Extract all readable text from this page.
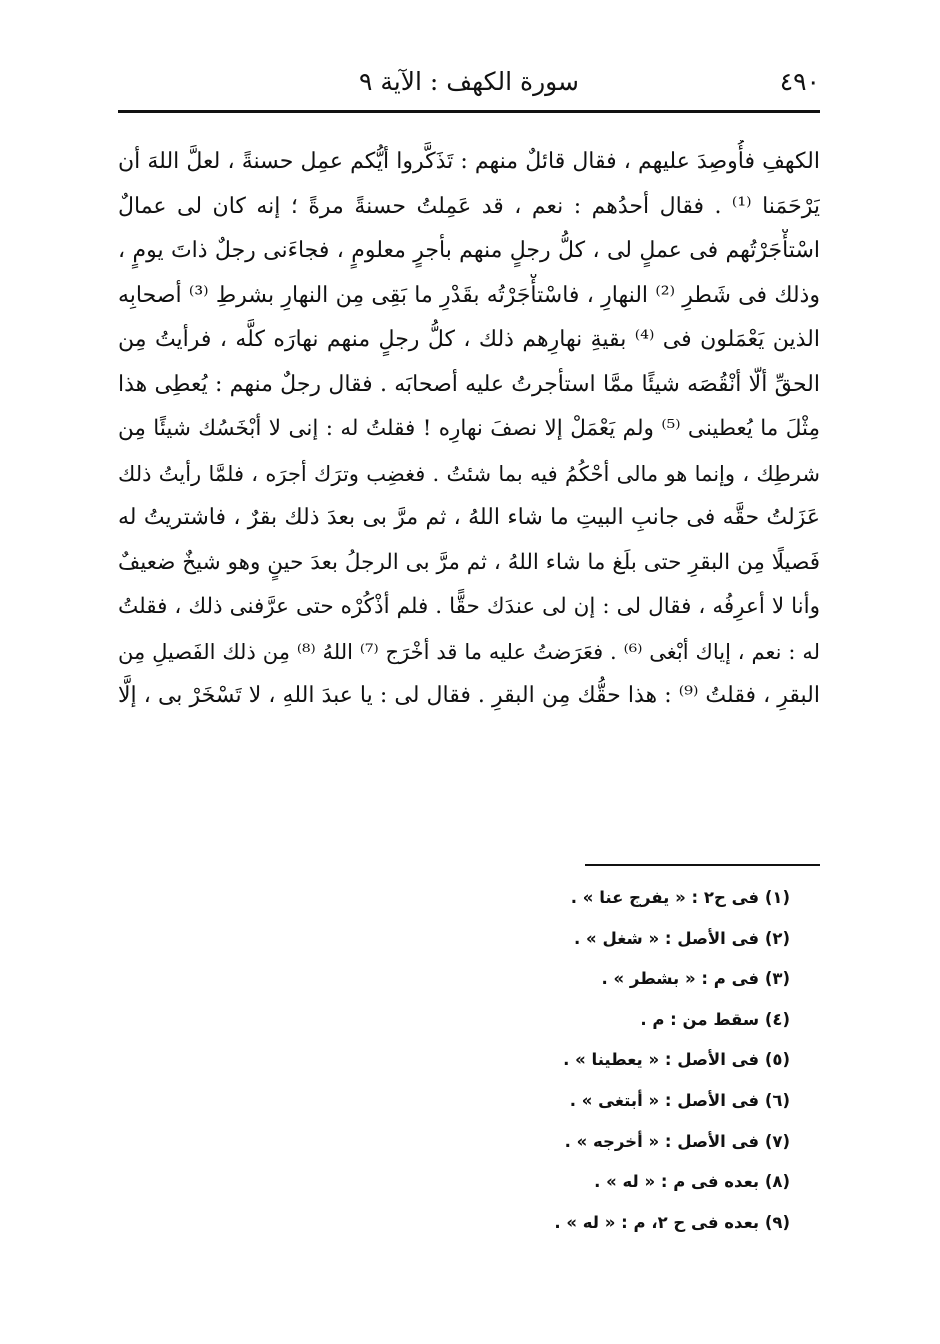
٤٩٠
سورة الكهف : الآية ٩
الكهفِ فأُوصِدَ عليهم ، فقال قائلٌ منهم : تَذَكَّروا أيُّكم عمِل حسنةً ، لعلَّ اللهَ أن
يَرْحَمَنا ⁽¹⁾ . فقال أحدُهم : نعم ، قد عَمِلتُ حسنةً مرةً ؛ إنه كان لى عمالٌ
اسْتأْجَرْتُهم فى عملٍ لى ، كلُّ رجلٍ منهم بأجرٍ معلومٍ ، فجاءَنى رجلٌ ذاتَ يومٍ ،
وذلك فى شَطرِ ⁽²⁾ النهارِ ، فاسْتأْجَرْتُه بقَدْرِ ما بَقِى مِن النهارِ بشرطِ ⁽³⁾ أصحابِه
الذين يَعْمَلون فى ⁽⁴⁾ بقيةِ نهارِهم ذلك ، كلُّ رجلٍ منهم نهارَه كلَّه ، فرأيتُ مِن
الحقِّ ألّا أنْقُصَه شيئًا ممَّا استأجرتُ عليه أصحابَه . فقال رجلٌ منهم : يُعطِى هذا
مِثْلَ ما يُعطينى ⁽⁵⁾ ولم يَعْمَلْ إلا نصفَ نهارِه ! فقلتُ له : إنى لا أبْخَسُك شيئًا مِن
شرطِك ، وإنما هو مالى أحْكُمُ فيه بما شئتُ . فغضِب وترَك أجرَه ، فلمَّا رأيتُ ذلك
عَزَلتُ حقَّه فى جانبِ البيتِ ما شاء اللهُ ، ثم مرَّ بى بعدَ ذلك بقرٌ ، فاشتريتُ له
فَصيلًا مِن البقرِ حتى بلَغ ما شاء اللهُ ، ثم مرَّ بى الرجلُ بعدَ حينٍ وهو شيخٌ ضعيفٌ
وأنا لا أعرِفُه ، فقال لى : إن لى عندَك حقًّا . فلم أذْكُرْه حتى عرَّفنى ذلك ، فقلتُ
له : نعم ، إياك أبْغى ⁽⁶⁾ . فعَرَضتُ عليه ما قد أخْرَج ⁽⁷⁾ اللهُ ⁽⁸⁾ مِن ذلك الفَصيلِ مِن
البقرِ ، فقلتُ ⁽⁹⁾ : هذا حقُّك مِن البقرِ . فقال لى : يا عبدَ اللهِ ، لا تَسْخَرْ بى ، إلَّا
(١) فى ح٢ : « يفرج عنا » .
(٢) فى الأصل : « شغل » .
(٣) فى م : « بشطر » .
(٤) سقط من : م .
(٥) فى الأصل : « يعطينا » .
(٦) فى الأصل : « أبتغى » .
(٧) فى الأصل : « أخرجه » .
(٨) بعده فى م : « له » .
(٩) بعده فى ح ٢، م : « له » .
